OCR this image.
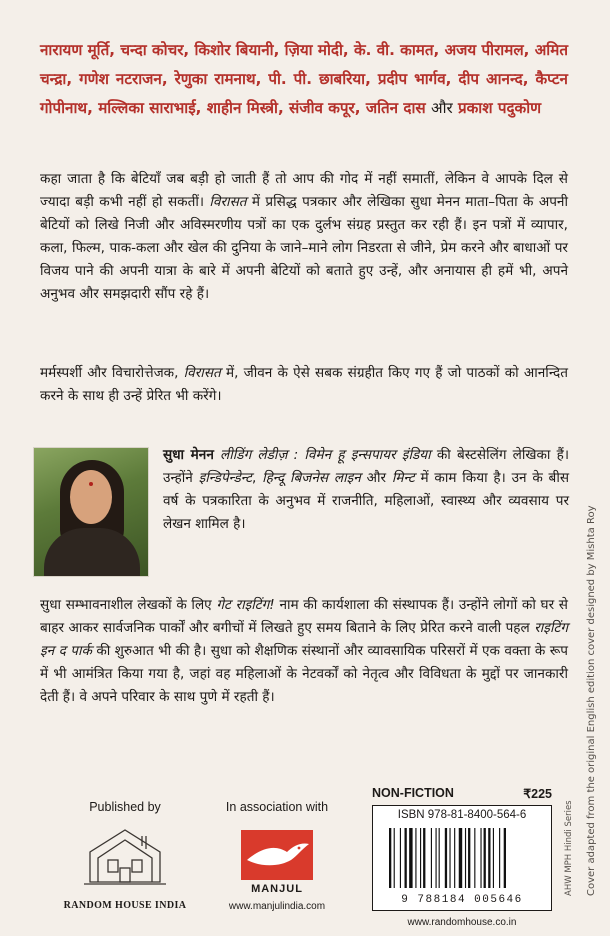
नारायण मूर्ति, चन्दा कोचर, किशोर बियानी, ज़िया मोदी, के. वी. कामत, अजय पीरामल, अमित चन्द्रा, गणेश नटराजन, रेणुका रामनाथ, पी. पी. छाबरिया, प्रदीप भार्गव, दीप आनन्द, कैप्टन गोपीनाथ, मल्लिका साराभाई, शाहीन मिस्त्री, संजीव कपूर, जतिन दास और प्रकाश पदुकोण
कहा जाता है कि बेटियाँ जब बड़ी हो जाती हैं तो आप की गोद में नहीं समातीं, लेकिन वे आपके दिल से ज्यादा बड़ी कभी नहीं हो सकतीं। विरासत में प्रसिद्ध पत्रकार और लेखिका सुधा मेनन माता–पिता के अपनी बेटियों को लिखे निजी और अविस्मरणीय पत्रों का एक दुर्लभ संग्रह प्रस्तुत कर रही हैं। इन पत्रों में व्यापार, कला, फिल्म, पाक-कला और खेल की दुनिया के जाने–माने लोग निडरता से जीने, प्रेम करने और बाधाओं पर विजय पाने की अपनी यात्रा के बारे में अपनी बेटियों को बताते हुए उन्हें, और अनायास ही हमें भी, अपने अनुभव और समझदारी सौंप रहे हैं।
मर्मस्पर्शी और विचारोत्तेजक, विरासत में, जीवन के ऐसे सबक संग्रहीत किए गए हैं जो पाठकों को आनन्दित करने के साथ ही उन्हें प्रेरित भी करेंगे।
सुधा मेनन लीडिंग लेडीज़ : विमेन हू इन्सपायर इंडिया की बेस्टसेलिंग लेखिका हैं। उन्होंने इन्डिपेन्डेन्ट, हिन्दू बिजनेस लाइन और मिन्ट में काम किया है। उन के बीस वर्ष के पत्रकारिता के अनुभव में राजनीति, महिलाओं, स्वास्थ्य और व्यवसाय पर लेखन शामिल है।
सुधा सम्भावनाशील लेखकों के लिए गेट राइटिंग! नाम की कार्यशाला की संस्थापक हैं। उन्होंने लोगों को घर से बाहर आकर सार्वजनिक पार्कों और बगीचों में लिखते हुए समय बिताने के लिए प्रेरित करने वाली पहल राइटिंग इन द पार्क की शुरुआत भी की है। सुधा को शैक्षणिक संस्थानों और व्यावसायिक परिसरों में एक वक्ता के रूप में भी आमंत्रित किया गया है, जहां वह महिलाओं के नेटवर्कों को नेतृत्व और विविधता के मुद्दों पर जानकारी देती हैं। वे अपने परिवार के साथ पुणे में रहती हैं।	Cover adapted from the original English edition cover designed by Mishta Roy
AHW MPH Hindi Series
Published by
RANDOM HOUSE INDIA
In association with
MANJUL
www.manjulindia.com
NON-FICTION	₹225
ISBN 978-81-8400-564-6
9 788184 005646
www.randomhouse.co.in
